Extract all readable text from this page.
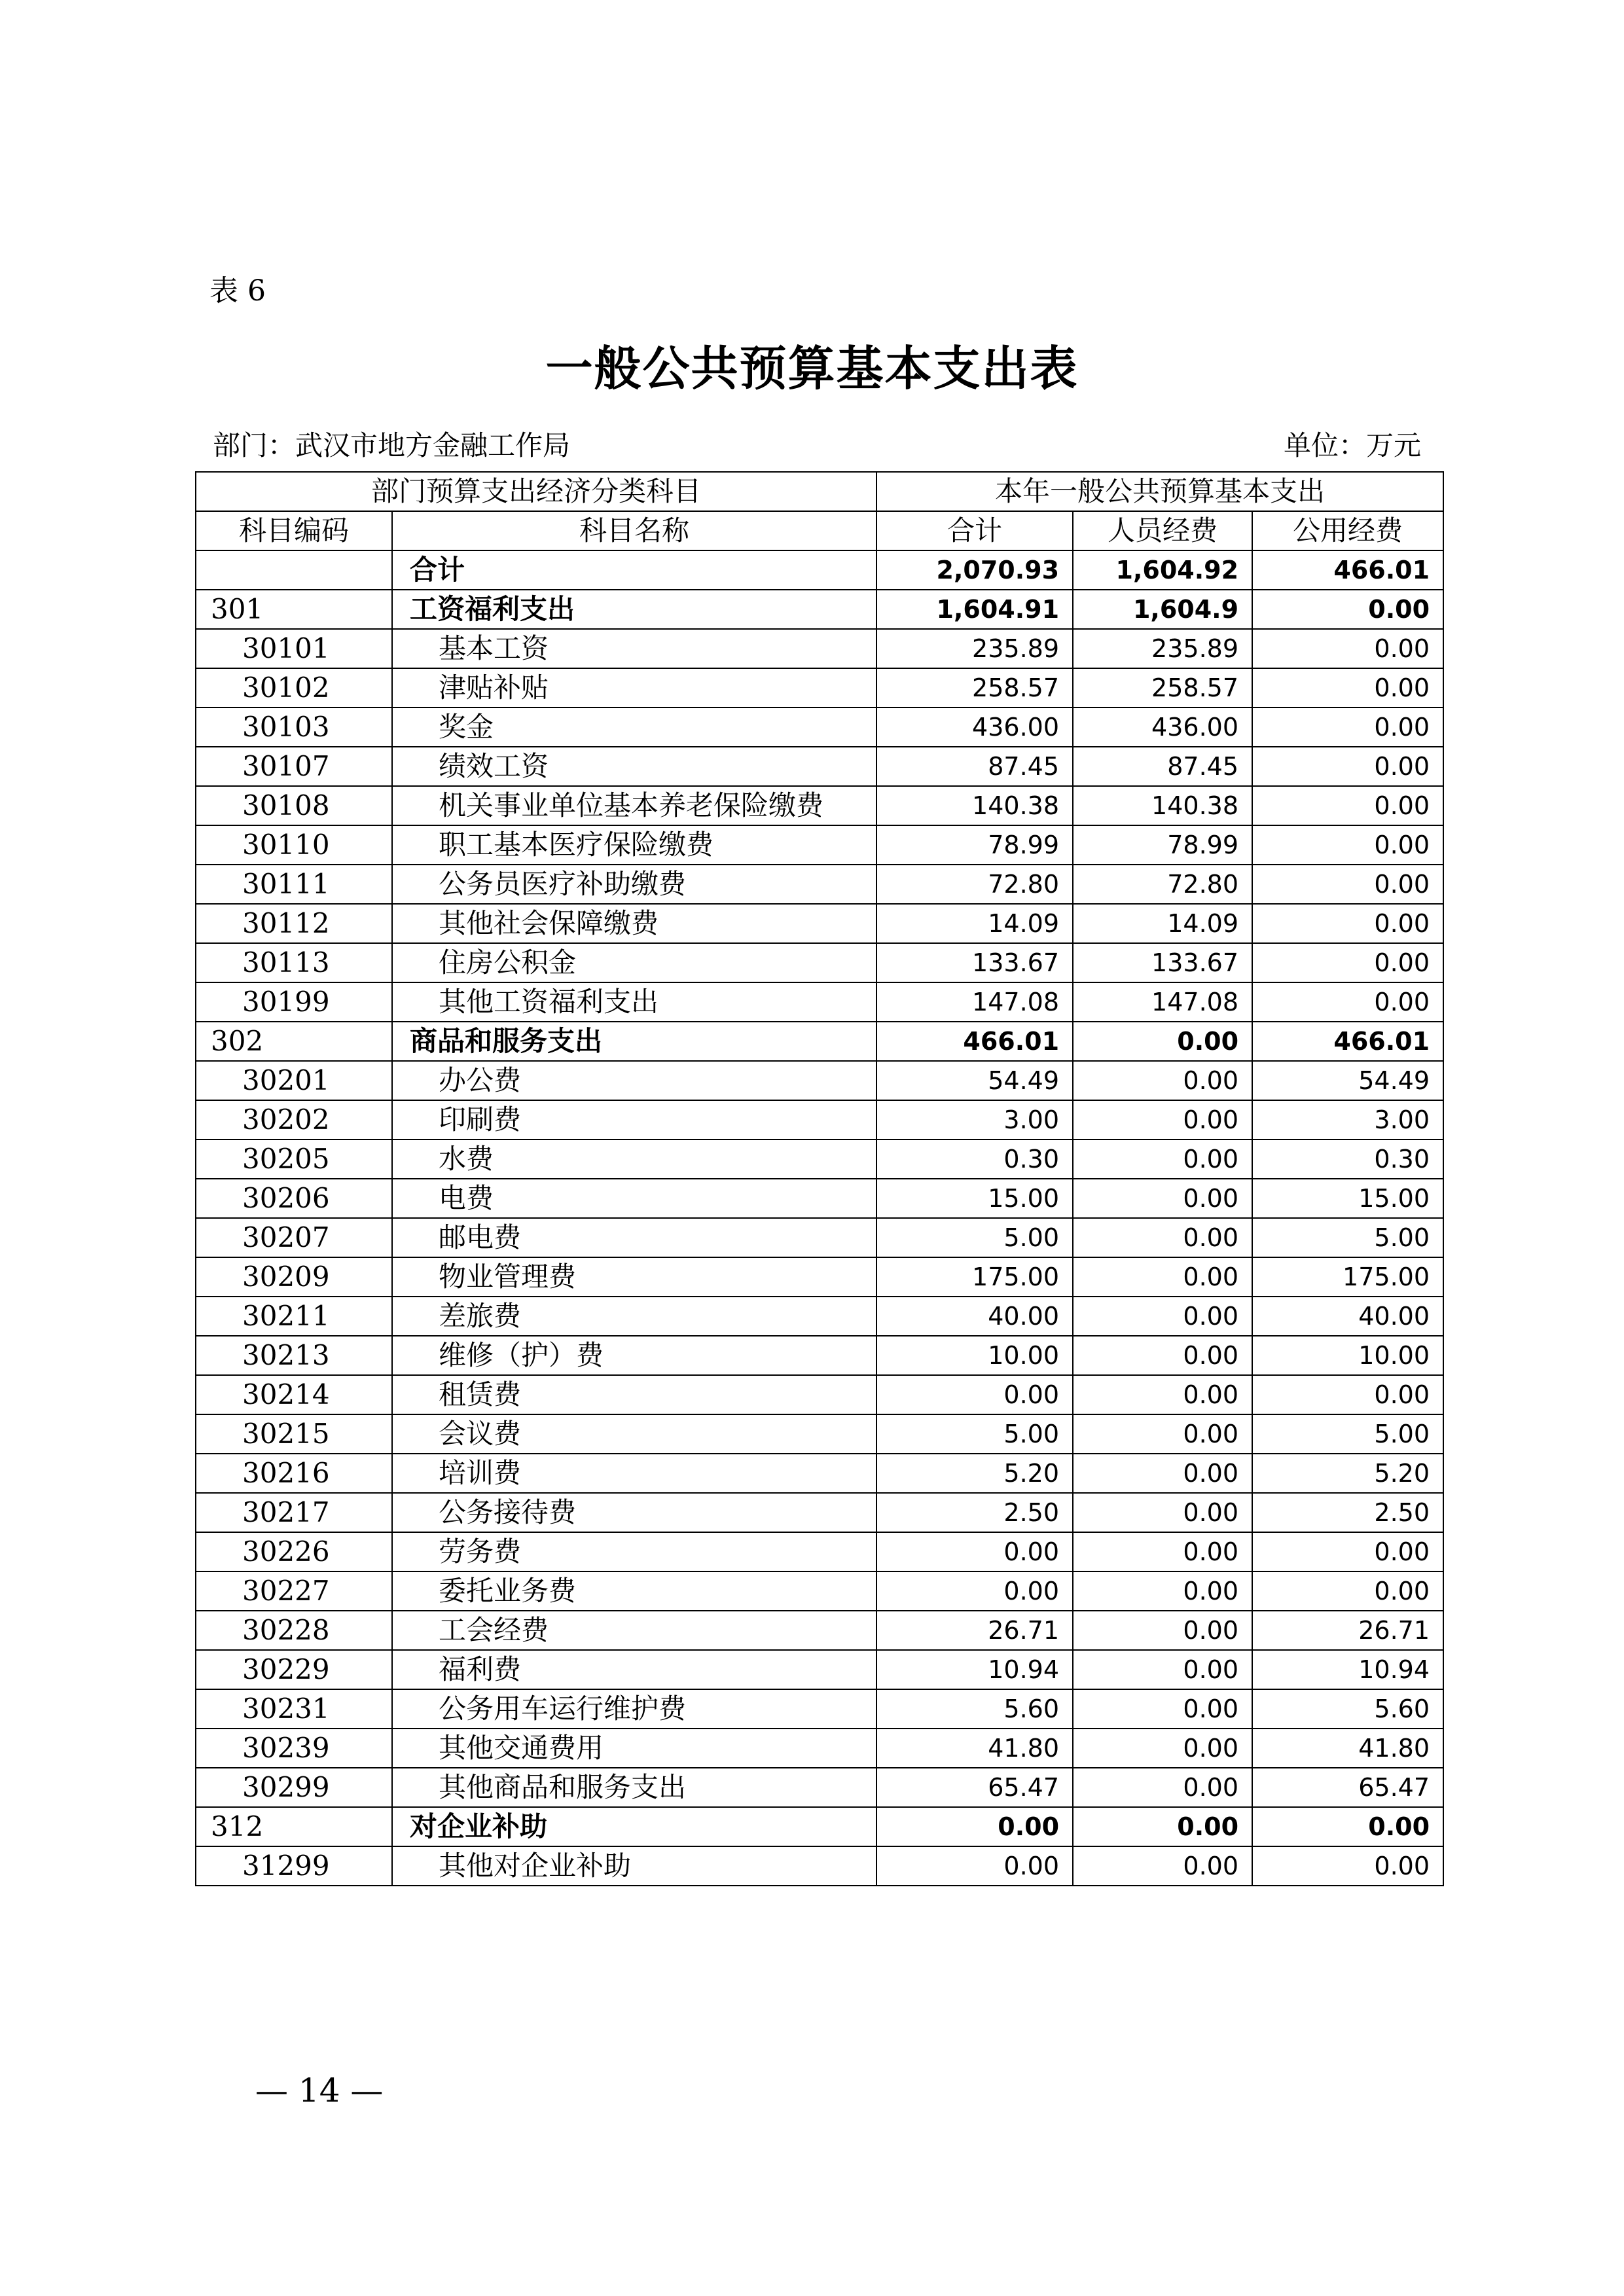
表 6
一般公共预算基本支出表
部门：武汉市地方金融工作局	单位：万元
部门预算支出经济分类科目		本年一般公共预算基本支出		
科目编码	科目名称	合计	人员经费	公用经费
	合计	2,070.93	1,604.92	466.01
301	工资福利支出	1,604.91	1,604.9	0.00
30101	基本工资	235.89	235.89	0.00
30102	津贴补贴	258.57	258.57	0.00
30103	奖金	436.00	436.00	0.00
30107	绩效工资	87.45	87.45	0.00
30108	机关事业单位基本养老保险缴费	140.38	140.38	0.00
30110	职工基本医疗保险缴费	78.99	78.99	0.00
30111	公务员医疗补助缴费	72.80	72.80	0.00
30112	其他社会保障缴费	14.09	14.09	0.00
30113	住房公积金	133.67	133.67	0.00
30199	其他工资福利支出	147.08	147.08	0.00
302	商品和服务支出	466.01	0.00	466.01
30201	办公费	54.49	0.00	54.49
30202	印刷费	3.00	0.00	3.00
30205	水费	0.30	0.00	0.30
30206	电费	15.00	0.00	15.00
30207	邮电费	5.00	0.00	5.00
30209	物业管理费	175.00	0.00	175.00
30211	差旅费	40.00	0.00	40.00
30213	维修（护）费	10.00	0.00	10.00
30214	租赁费	0.00	0.00	0.00
30215	会议费	5.00	0.00	5.00
30216	培训费	5.20	0.00	5.20
30217	公务接待费	2.50	0.00	2.50
30226	劳务费	0.00	0.00	0.00
30227	委托业务费	0.00	0.00	0.00
30228	工会经费	26.71	0.00	26.71
30229	福利费	10.94	0.00	10.94
30231	公务用车运行维护费	5.60	0.00	5.60
30239	其他交通费用	41.80	0.00	41.80
30299	其他商品和服务支出	65.47	0.00	65.47
312	对企业补助	0.00	0.00	0.00
31299	其他对企业补助	0.00	0.00	0.00
— 14 —
